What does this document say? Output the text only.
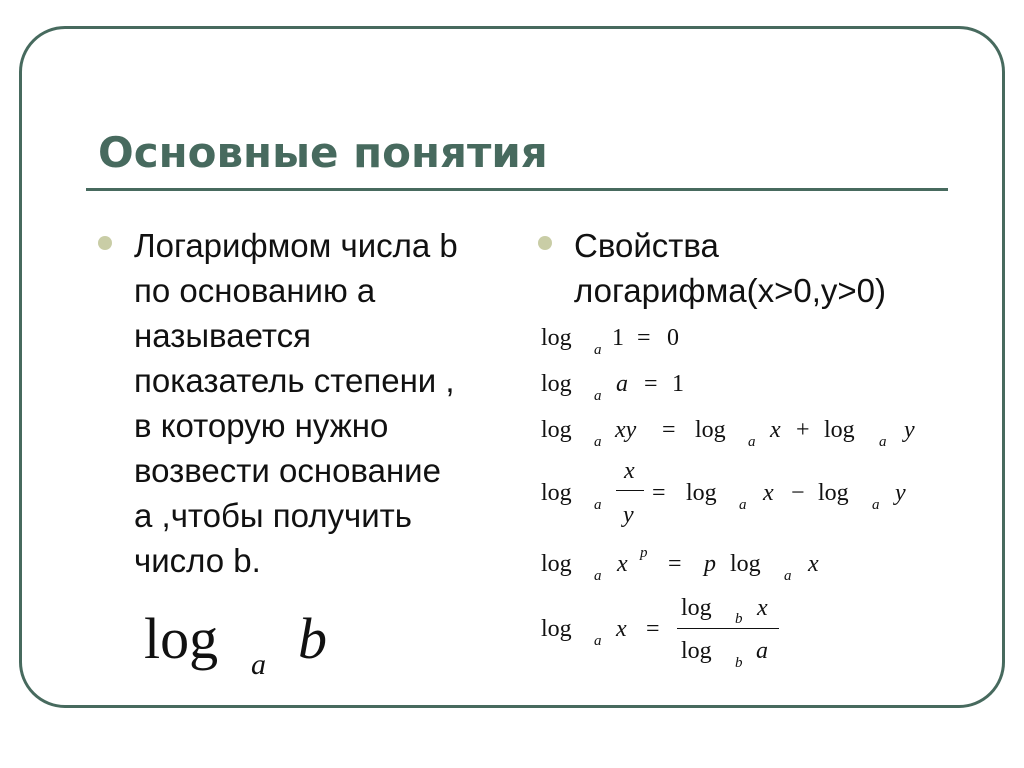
Основные понятия
Логарифмом числа b
по основанию a
называется
показатель степени ,
в которую нужно
возвести основание
a ,чтобы получить
число b.
log a b
Свойства
логарифма(x>0,y>0)
log a 1 = 0
log a a = 1
log a xy = log a x + log a y
log a
x
y
= log a x − log a y
log a x p = p log a x
log a x =
log b x
log b a
